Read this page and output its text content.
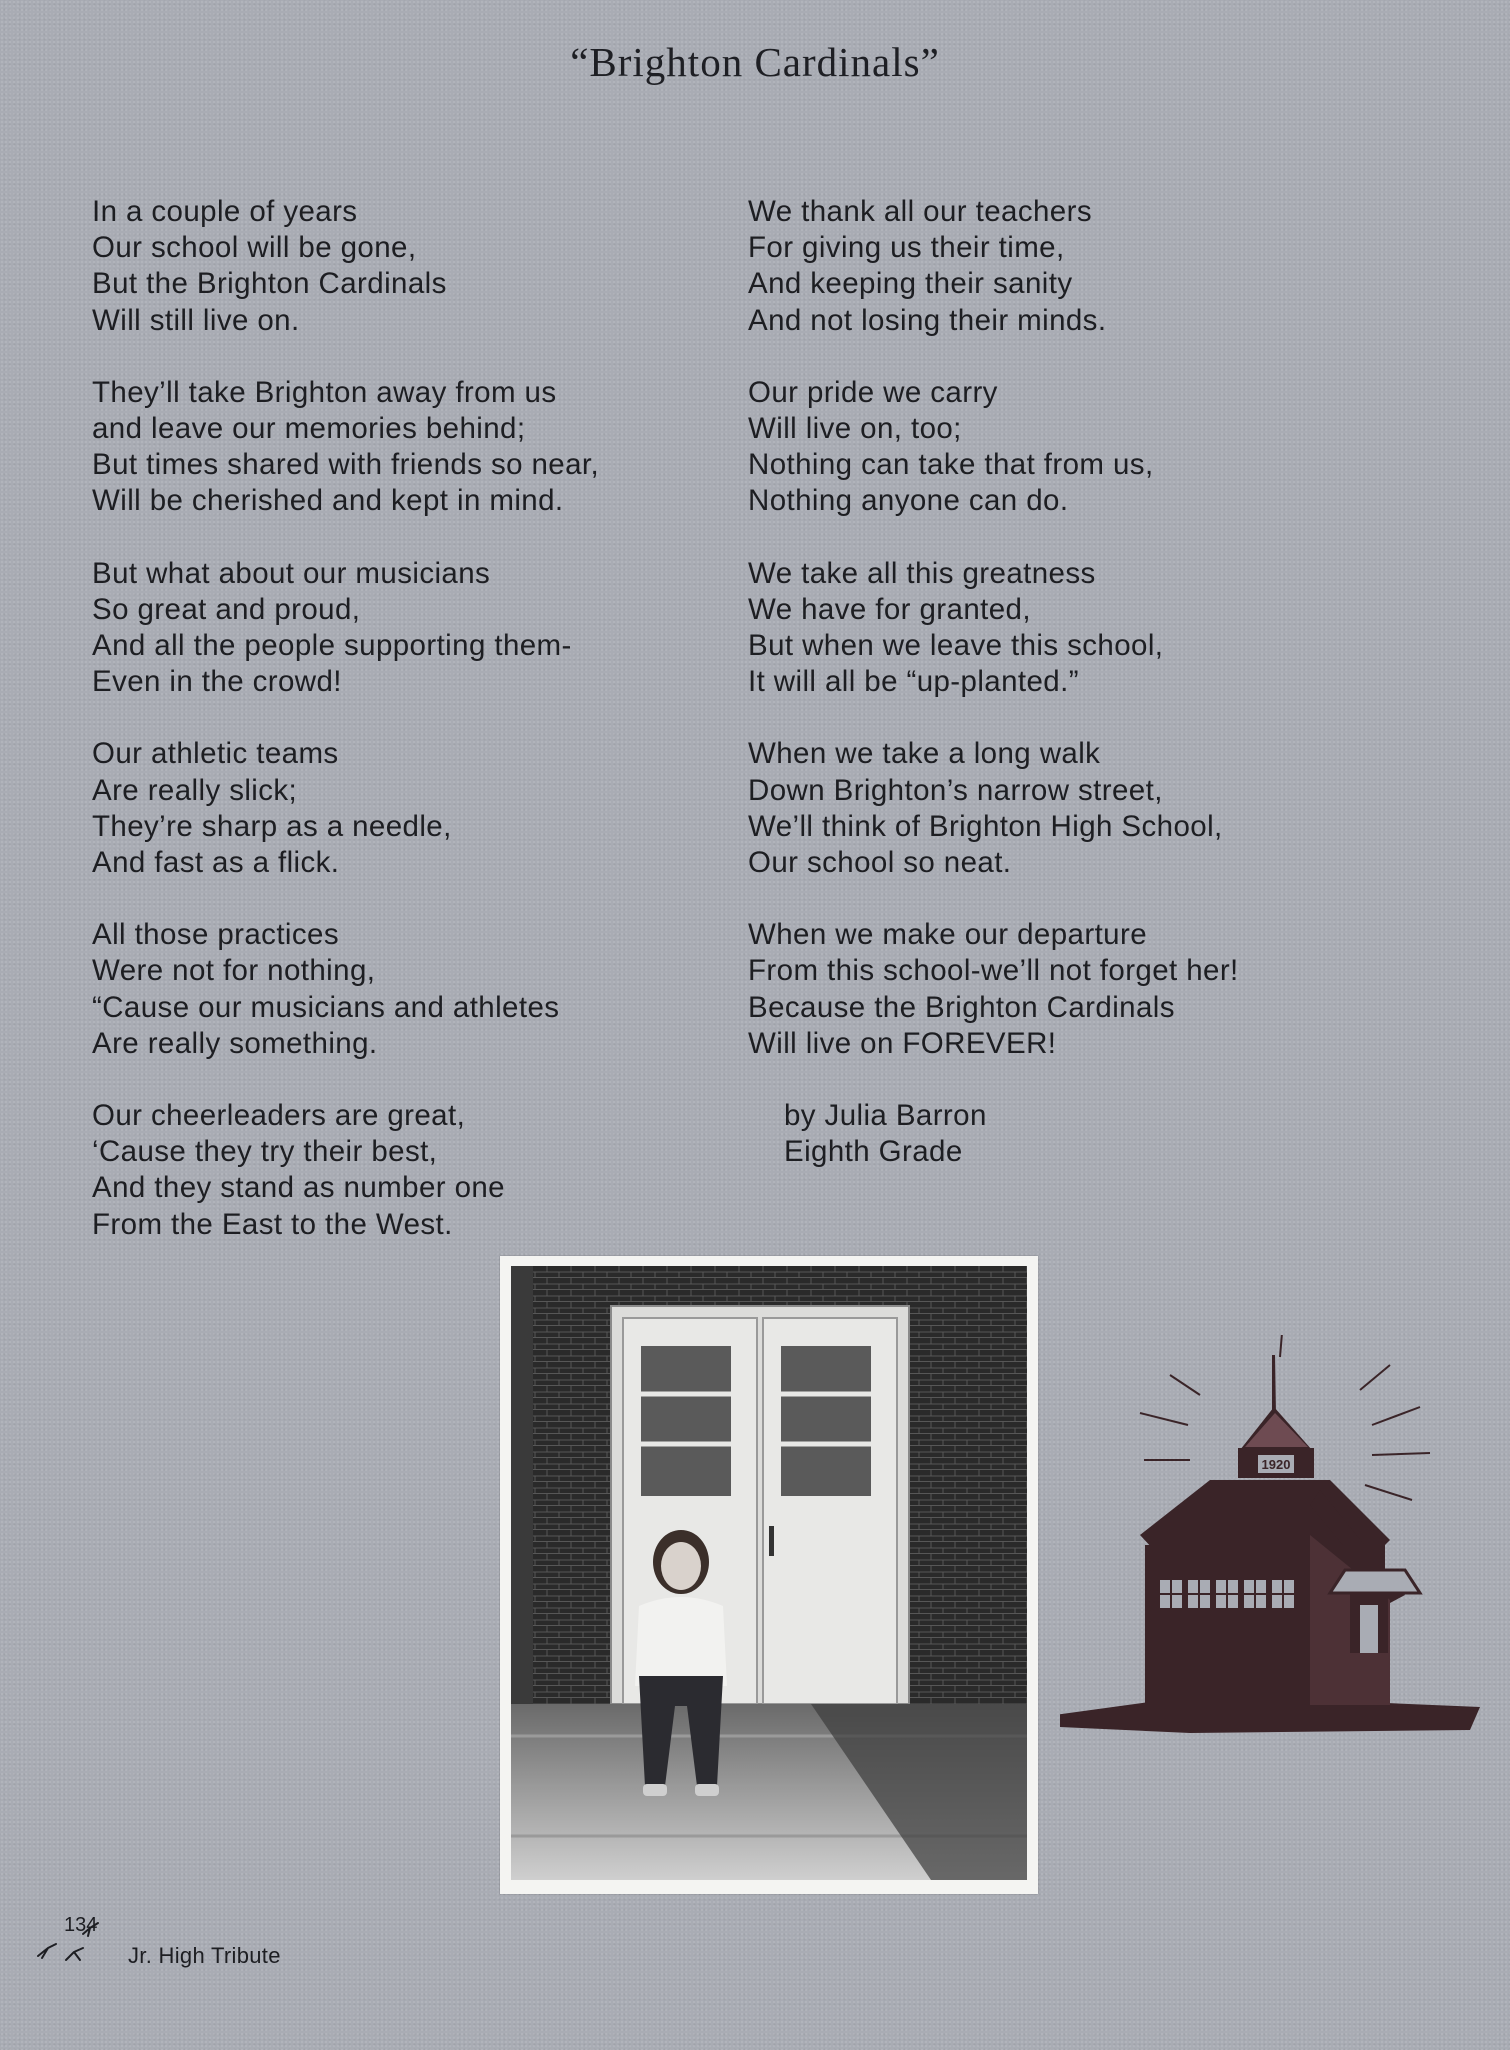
“Brighton Cardinals”
In a couple of years
Our school will be gone,
But the Brighton Cardinals
Will still live on.
They’ll take Brighton away from us
and leave our memories behind;
But times shared with friends so near,
Will be cherished and kept in mind.
But what about our musicians
So great and proud,
And all the people supporting them-
Even in the crowd!
Our athletic teams
Are really slick;
They’re sharp as a needle,
And fast as a flick.
All those practices
Were not for nothing,
“Cause our musicians and athletes
Are really something.
Our cheerleaders are great,
‘Cause they try their best,
And they stand as number one
From the East to the West.
We thank all our teachers
For giving us their time,
And keeping their sanity
And not losing their minds.
Our pride we carry
Will live on, too;
Nothing can take that from us,
Nothing anyone can do.
We take all this greatness
We have for granted,
But when we leave this school,
It will all be “up-planted.”
When we take a long walk
Down Brighton’s narrow street,
We’ll think of Brighton High School,
Our school so neat.
When we make our departure
From this school-we’ll not forget her!
Because the Brighton Cardinals
Will live on FOREVER!
by Julia Barron
Eighth Grade
1920
134
Jr. High Tribute
